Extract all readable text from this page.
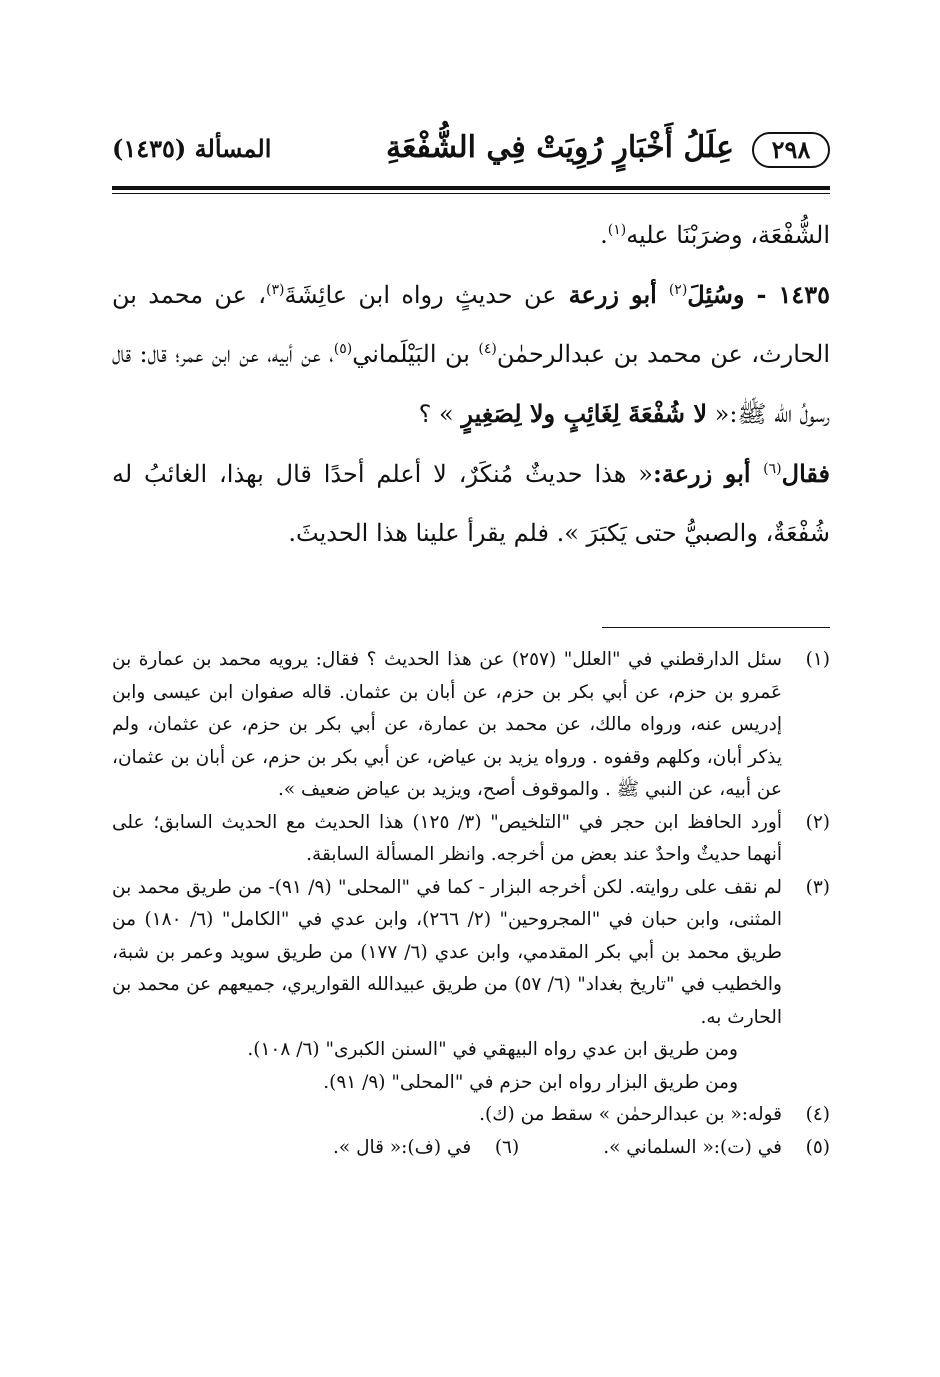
٢٩٨
عِلَلُ أَخْبَارٍ رُوِيَتْ فِي الشُّفْعَةِ
المسألة (١٤٣٥)

الشُّفْعَة، وضرَبْنَا عليه$^{(١)}$.

١٤٣٥ - وسُئِلَ$^{(٢)}$ أبو زرعة عن حديثٍ رواه ابن عائِشَةَ$^{(٣)}$، عن محمد بن الحارث، عن محمد بن عبدالرحمٰن$^{(٤)}$ بن البَيْلَماني$^{(٥)}$، عن أبيه، عن ابن عمر؛ قال: قال رسولُ الله ﷺ:« لا شُفْعَةَ لِغَائِبٍ ولا لِصَغِيرٍ » ؟

فقال$^{(٦)}$ أبو زرعة:« هذا حديثٌ مُنكَرٌ، لا أعلم أحدًا قال بهذا، الغائبُ له شُفْعَةٌ، والصبيُّ حتى يَكبَرَ ». فلم يقرأ علينا هذا الحديثَ.

(١)
سئل الدارقطني في "العلل" (٢٥٧) عن هذا الحديث ؟ فقال: يرويه محمد بن عمارة بن عَمرو بن حزم، عن أبي بكر بن حزم، عن أبان بن عثمان. قاله صفوان ابن عيسى وابن إدريس عنه، ورواه مالك، عن محمد بن عمارة، عن أبي بكر بن حزم، عن عثمان، ولم يذكر أبان، وكلهم وقفوه . ورواه يزيد بن عياض، عن أبي بكر بن حزم، عن أبان بن عثمان، عن أبيه، عن النبي ﷺ . والموقوف أصح، ويزيد بن عياض ضعيف ».
(٢)
أورد الحافظ ابن حجر في "التلخيص" (٣/ ١٢٥) هذا الحديث مع الحديث السابق؛ على أنهما حديثٌ واحدٌ عند بعض من أخرجه. وانظر المسألة السابقة.
(٣)
لم نقف على روايته. لكن أخرجه البزار - كما في "المحلى" (٩/ ٩١)- من طريق محمد بن المثنى، وابن حبان في "المجروحين" (٢/ ٢٦٦)، وابن عدي في "الكامل" (٦/ ١٨٠) من طريق محمد بن أبي بكر المقدمي، وابن عدي (٦/ ١٧٧) من طريق سويد وعمر بن شبة، والخطيب في "تاريخ بغداد" (٦/ ٥٧) من طريق عبيدالله القواريري، جميعهم عن محمد بن الحارث به.
ومن طريق ابن عدي رواه البيهقي في "السنن الكبرى" (٦/ ١٠٨).
ومن طريق البزار رواه ابن حزم في "المحلى" (٩/ ٩١).
(٤)
قوله:« بن عبدالرحمٰن » سقط من (ك).
(٥)
في (ت):« السلماني ».
(٦)
في (ف):« قال ».
